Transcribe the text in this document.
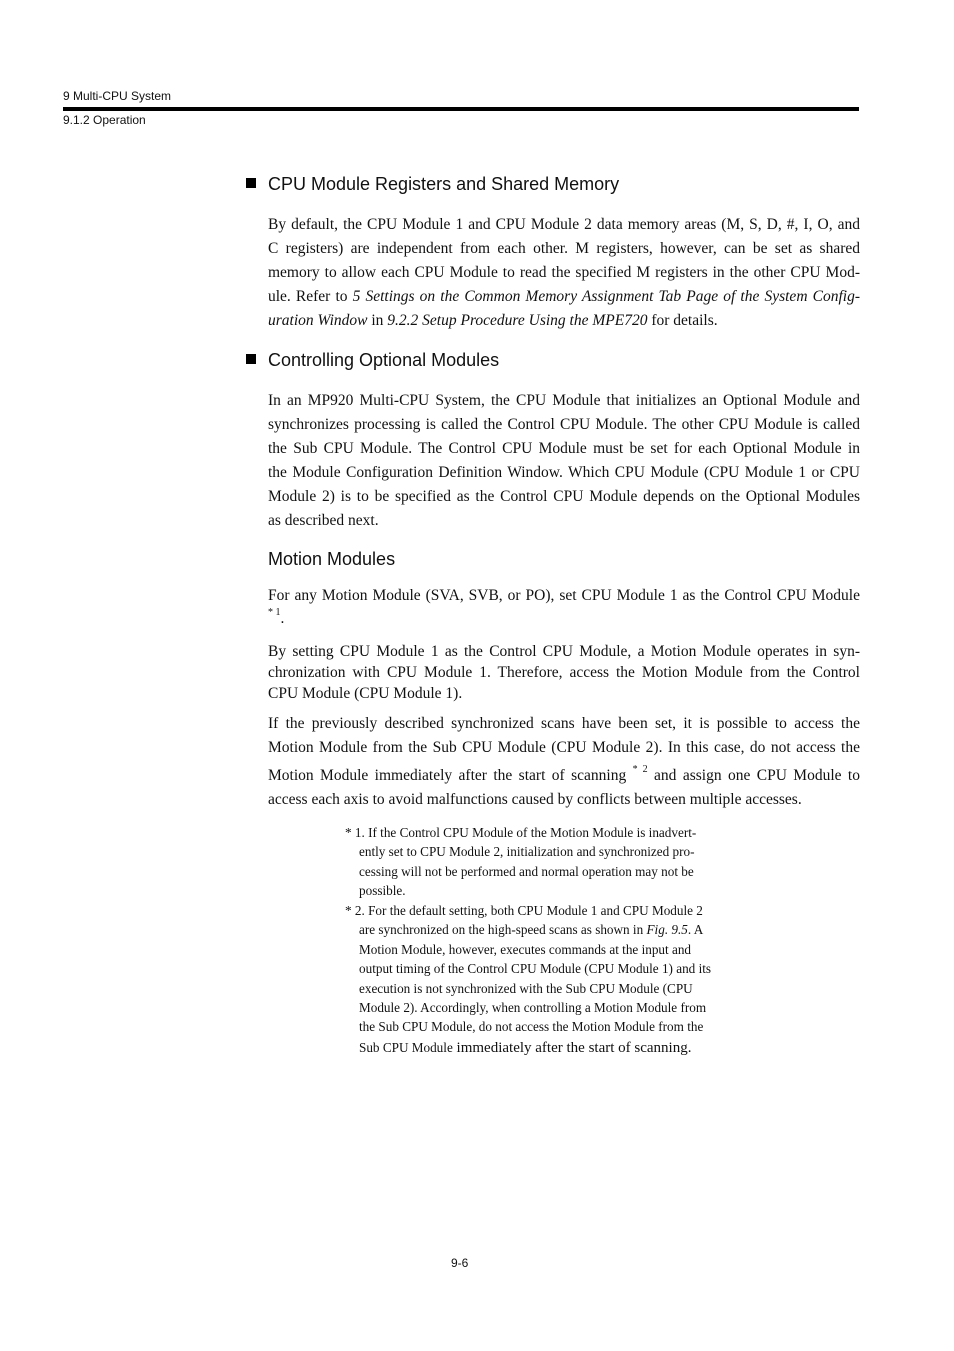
9 Multi-CPU System
9.1.2 Operation
CPU Module Registers and Shared Memory
By default, the CPU Module 1 and CPU Module 2 data memory areas (M, S, D, #, I, O, and
C registers) are independent from each other. M registers, however, can be set as shared
memory to allow each CPU Module to read the specified M registers in the other CPU Mod-
ule. Refer to 5 Settings on the Common Memory Assignment Tab Page of the System Config-
uration Window in 9.2.2 Setup Procedure Using the MPE720 for details.
Controlling Optional Modules
In an MP920 Multi-CPU System, the CPU Module that initializes an Optional Module and
synchronizes processing is called the Control CPU Module. The other CPU Module is called
the Sub CPU Module. The Control CPU Module must be set for each Optional Module in
the Module Configuration Definition Window. Which CPU Module (CPU Module 1 or CPU
Module 2) is to be specified as the Control CPU Module depends on the Optional Modules
as described next.
Motion Modules
For any Motion Module (SVA, SVB, or PO), set CPU Module 1 as the Control CPU Module
$^{* 1}$.
By setting CPU Module 1 as the Control CPU Module, a Motion Module operates in syn-
chronization with CPU Module 1. Therefore, access the Motion Module from the Control
CPU Module (CPU Module 1).
If the previously described synchronized scans have been set, it is possible to access the
Motion Module from the Sub CPU Module (CPU Module 2). In this case, do not access the
Motion Module immediately after the start of scanning $^{* 2}$ and assign one CPU Module to
access each axis to avoid malfunctions caused by conflicts between multiple accesses.
* 1. If the Control CPU Module of the Motion Module is inadvert-
ently set to CPU Module 2, initialization and synchronized pro-
cessing will not be performed and normal operation may not be
possible.
* 2. For the default setting, both CPU Module 1 and CPU Module 2
are synchronized on the high-speed scans as shown in Fig. 9.5. A
Motion Module, however, executes commands at the input and
output timing of the Control CPU Module (CPU Module 1) and its
execution is not synchronized with the Sub CPU Module (CPU
Module 2). Accordingly, when controlling a Motion Module from
the Sub CPU Module, do not access the Motion Module from the
Sub CPU Module immediately after the start of scanning.
9-6
